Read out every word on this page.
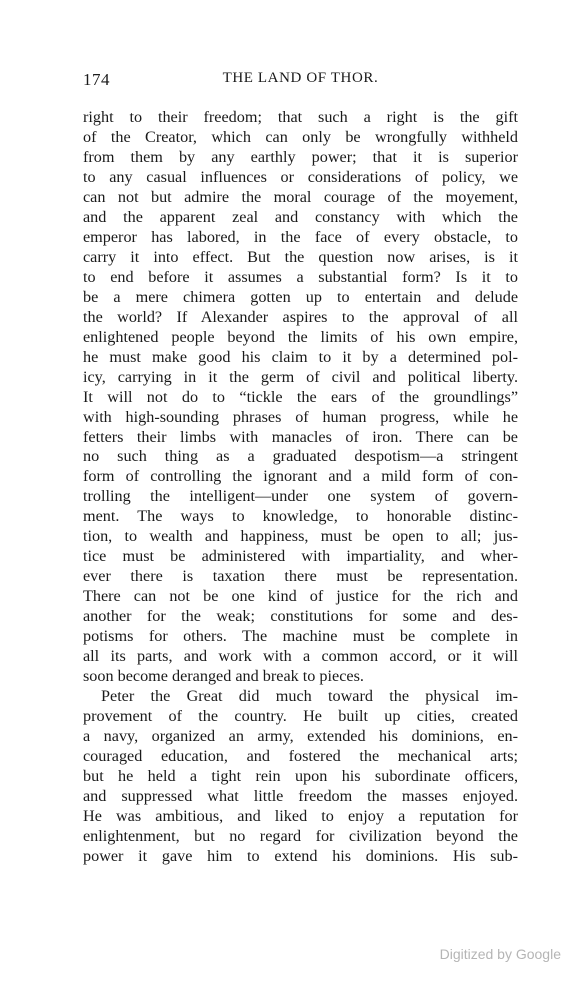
174	THE LAND OF THOR.
right to their freedom; that such a right is the gift
of the Creator, which can only be wrongfully withheld
from them by any earthly power; that it is superior
to any casual influences or considerations of policy, we
can not but admire the moral courage of the moyement,
and the apparent zeal and constancy with which the
emperor has labored, in the face of every obstacle, to
carry it into effect. But the question now arises, is it
to end before it assumes a substantial form? Is it to
be a mere chimera gotten up to entertain and delude
the world? If Alexander aspires to the approval of all
enlightened people beyond the limits of his own empire,
he must make good his claim to it by a determined pol-
icy, carrying in it the germ of civil and political liberty.
It will not do to “tickle the ears of the groundlings”
with high-sounding phrases of human progress, while he
fetters their limbs with manacles of iron. There can be
no such thing as a graduated despotism—a stringent
form of controlling the ignorant and a mild form of con-
trolling the intelligent—under one system of govern-
ment. The ways to knowledge, to honorable distinc-
tion, to wealth and happiness, must be open to all; jus-
tice must be administered with impartiality, and wher-
ever there is taxation there must be representation.
There can not be one kind of justice for the rich and
another for the weak; constitutions for some and des-
potisms for others. The machine must be complete in
all its parts, and work with a common accord, or it will
soon become deranged and break to pieces.
Peter the Great did much toward the physical im-
provement of the country. He built up cities, created
a navy, organized an army, extended his dominions, en-
couraged education, and fostered the mechanical arts;
but he held a tight rein upon his subordinate officers,
and suppressed what little freedom the masses enjoyed.
He was ambitious, and liked to enjoy a reputation for
enlightenment, but no regard for civilization beyond the
power it gave him to extend his dominions. His sub-
Digitized by Google
